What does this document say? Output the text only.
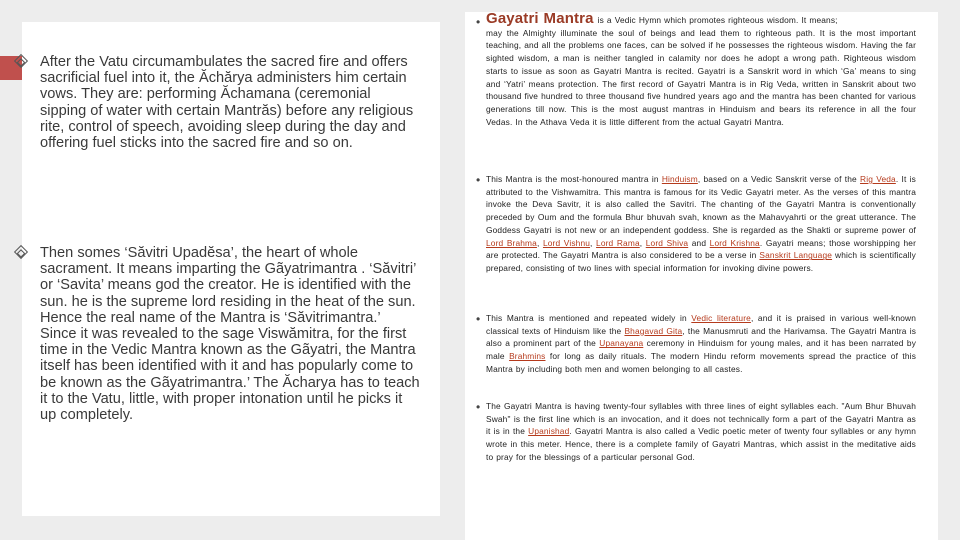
After the Vatu circumambulates the sacred fire and offers sacrificial fuel into it, the Ăchărya administers him certain vows. They are: performing Ăchamana (ceremonial sipping of water with certain Mantrăs) before any religious rite, control of speech, avoiding sleep during the day and offering fuel sticks into the sacred fire and so on.
Then somes ‘Săvitri Upadĕsa’, the heart of whole sacrament. It means imparting the Gãyatrimantra . ‘Săvitri’ or ‘Savita’ means god the creator. He is identified with the sun. he is the supreme lord residing in the heat of the sun. Hence the real name of the Mantra is ‘Săvitrimantra.’ Since it was revealed to the sage Viswămitra, for the first time in the Vedic Mantra known as the Gãyatri, the Mantra itself has been identified with it and has popularly come to be known as the Gãyatrimantra.’ The Ăcharya has to teach it to the Vatu, little, with proper intonation until he picks it up completely.
• Gayatri Mantra is a Vedic Hymn which promotes righteous wisdom. It means;
may the Almighty illuminate the soul of beings and lead them to righteous path. It is the most important teaching, and all the problems one faces, can be solved if he possesses the righteous wisdom. Having the far sighted wisdom, a man is neither tangled in calamity nor does he adopt a wrong path. Righteous wisdom starts to issue as soon as Gayatri Mantra is recited. Gayatri is a Sanskrit word in which ‘Ga’ means to sing and ‘Yatri’ means protection. The first record of Gayatri Mantra is in Rig Veda, written in Sanskrit about two thousand five hundred to three thousand five hundred years ago and the mantra has been chanted for various generations till now. This is the most august mantras in Hinduism and bears its reference in all the four Vedas. In the Athava Veda it is little different from the actual Gayatri Mantra.
• This Mantra is the most-honoured mantra in Hinduism, based on a Vedic Sanskrit verse of the Rig Veda. It is attributed to the Vishwamitra. This mantra is famous for its Vedic Gayatri meter. As the verses of this mantra invoke the Deva Savitr, it is also called the Savitri. The chanting of the Gayatri Mantra is conventionally preceded by Oum and the formula Bhur bhuvah svah, known as the Mahavyahrti or the great utterance. The Goddess Gayatri is not new or an independent goddess. She is regarded as the Shakti or supreme power of Lord Brahma, Lord Vishnu, Lord Rama, Lord Shiva and Lord Krishna. Gayatri means; those worshipping her are protected. The Gayatri Mantra is also considered to be a verse in Sanskrit Language which is scientifically prepared, consisting of two lines with special information for invoking divine powers.
• This Mantra is mentioned and repeated widely in Vedic literature, and it is praised in various well-known classical texts of Hinduism like the Bhagavad Gita, the Manusmruti and the Harivamsa. The Gayatri Mantra is also a prominent part of the Upanayana ceremony in Hinduism for young males, and it has been narrated by male Brahmins for long as daily rituals. The modern Hindu reform movements spread the practice of this Mantra by including both men and women belonging to all castes.
• The Gayatri Mantra is having twenty-four syllables with three lines of eight syllables each. "Aum Bhur Bhuvah Swah" is the first line which is an invocation, and it does not technically form a part of the Gayatri Mantra as it is in the Upanishad. Gayatri Mantra is also called a Vedic poetic meter of twenty four syllables or any hymn wrote in this meter. Hence, there is a complete family of Gayatri Mantras, which assist in the meditative aids to pray for the blessings of a particular personal God.
